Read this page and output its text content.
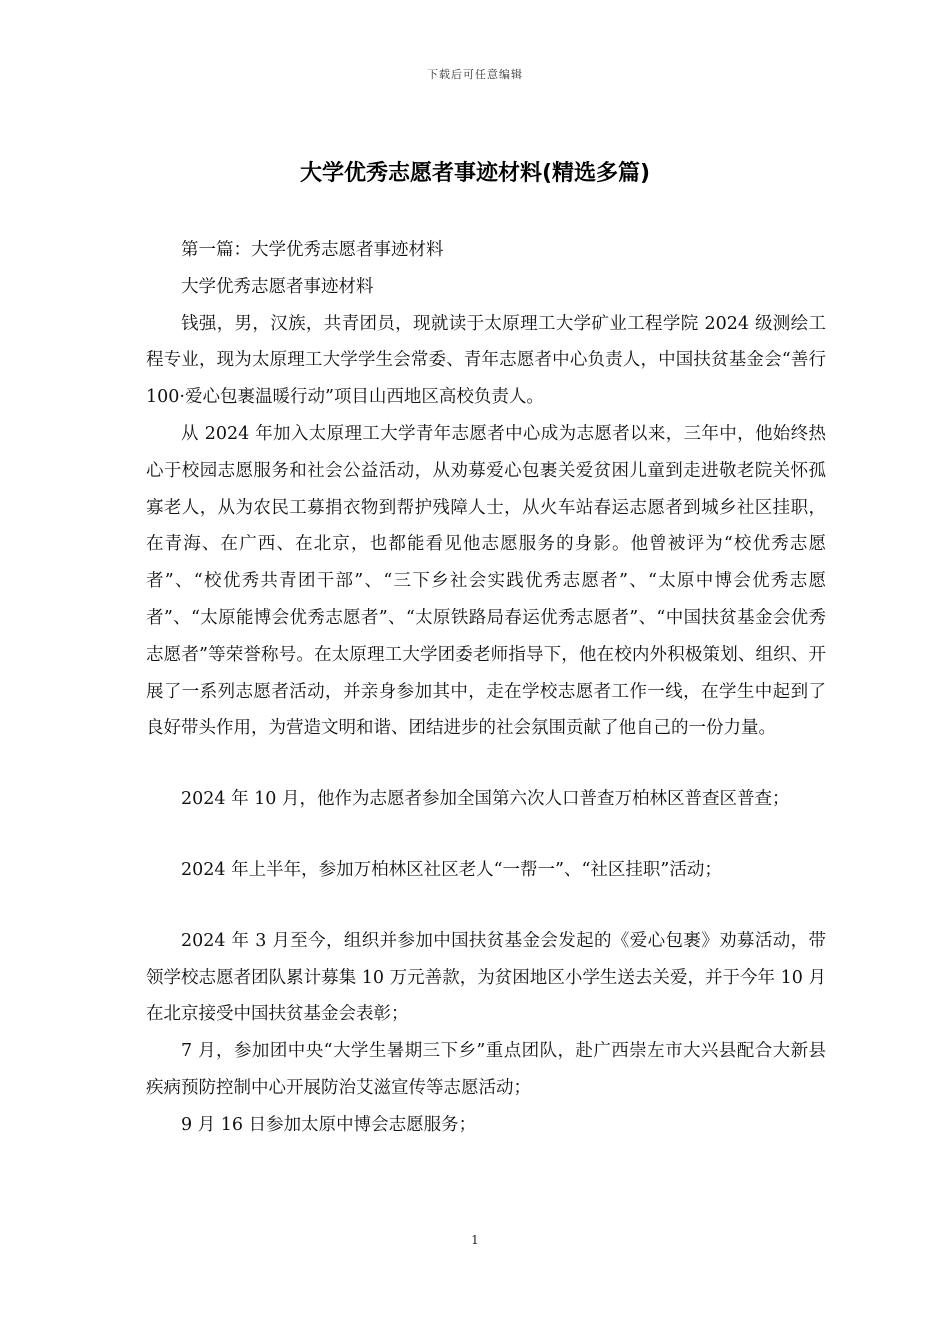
下载后可任意编辑
大学优秀志愿者事迹材料(精选多篇)

第一篇：大学优秀志愿者事迹材料

大学优秀志愿者事迹材料

钱强，男，汉族，共青团员，现就读于太原理工大学矿业工程学院 2024 级测绘工程专业，现为太原理工大学学生会常委、青年志愿者中心负责人，中国扶贫基金会“善行 100·爱心包裹温暖行动”项目山西地区高校负责人。

从 2024 年加入太原理工大学青年志愿者中心成为志愿者以来，三年中，他始终热心于校园志愿服务和社会公益活动，从劝募爱心包裹关爱贫困儿童到走进敬老院关怀孤寡老人，从为农民工募捐衣物到帮护残障人士，从火车站春运志愿者到城乡社区挂职，在青海、在广西、在北京，也都能看见他志愿服务的身影。他曾被评为“校优秀志愿者”、“校优秀共青团干部”、“三下乡社会实践优秀志愿者”、“太原中博会优秀志愿者”、“太原能博会优秀志愿者”、“太原铁路局春运优秀志愿者”、“中国扶贫基金会优秀志愿者”等荣誉称号。在太原理工大学团委老师指导下，他在校内外积极策划、组织、开展了一系列志愿者活动，并亲身参加其中，走在学校志愿者工作一线，在学生中起到了良好带头作用，为营造文明和谐、团结进步的社会氛围贡献了他自己的一份力量。

2024 年 10 月，他作为志愿者参加全国第六次人口普查万柏林区普查区普查；

2024 年上半年，参加万柏林区社区老人“一帮一”、“社区挂职”活动；

2024 年 3 月至今，组织并参加中国扶贫基金会发起的《爱心包裹》劝募活动，带领学校志愿者团队累计募集 10 万元善款，为贫困地区小学生送去关爱，并于今年 10 月在北京接受中国扶贫基金会表彰；

7 月，参加团中央“大学生暑期三下乡”重点团队，赴广西崇左市大兴县配合大新县疾病预防控制中心开展防治艾滋宣传等志愿活动；

9 月 16 日参加太原中博会志愿服务；

1
